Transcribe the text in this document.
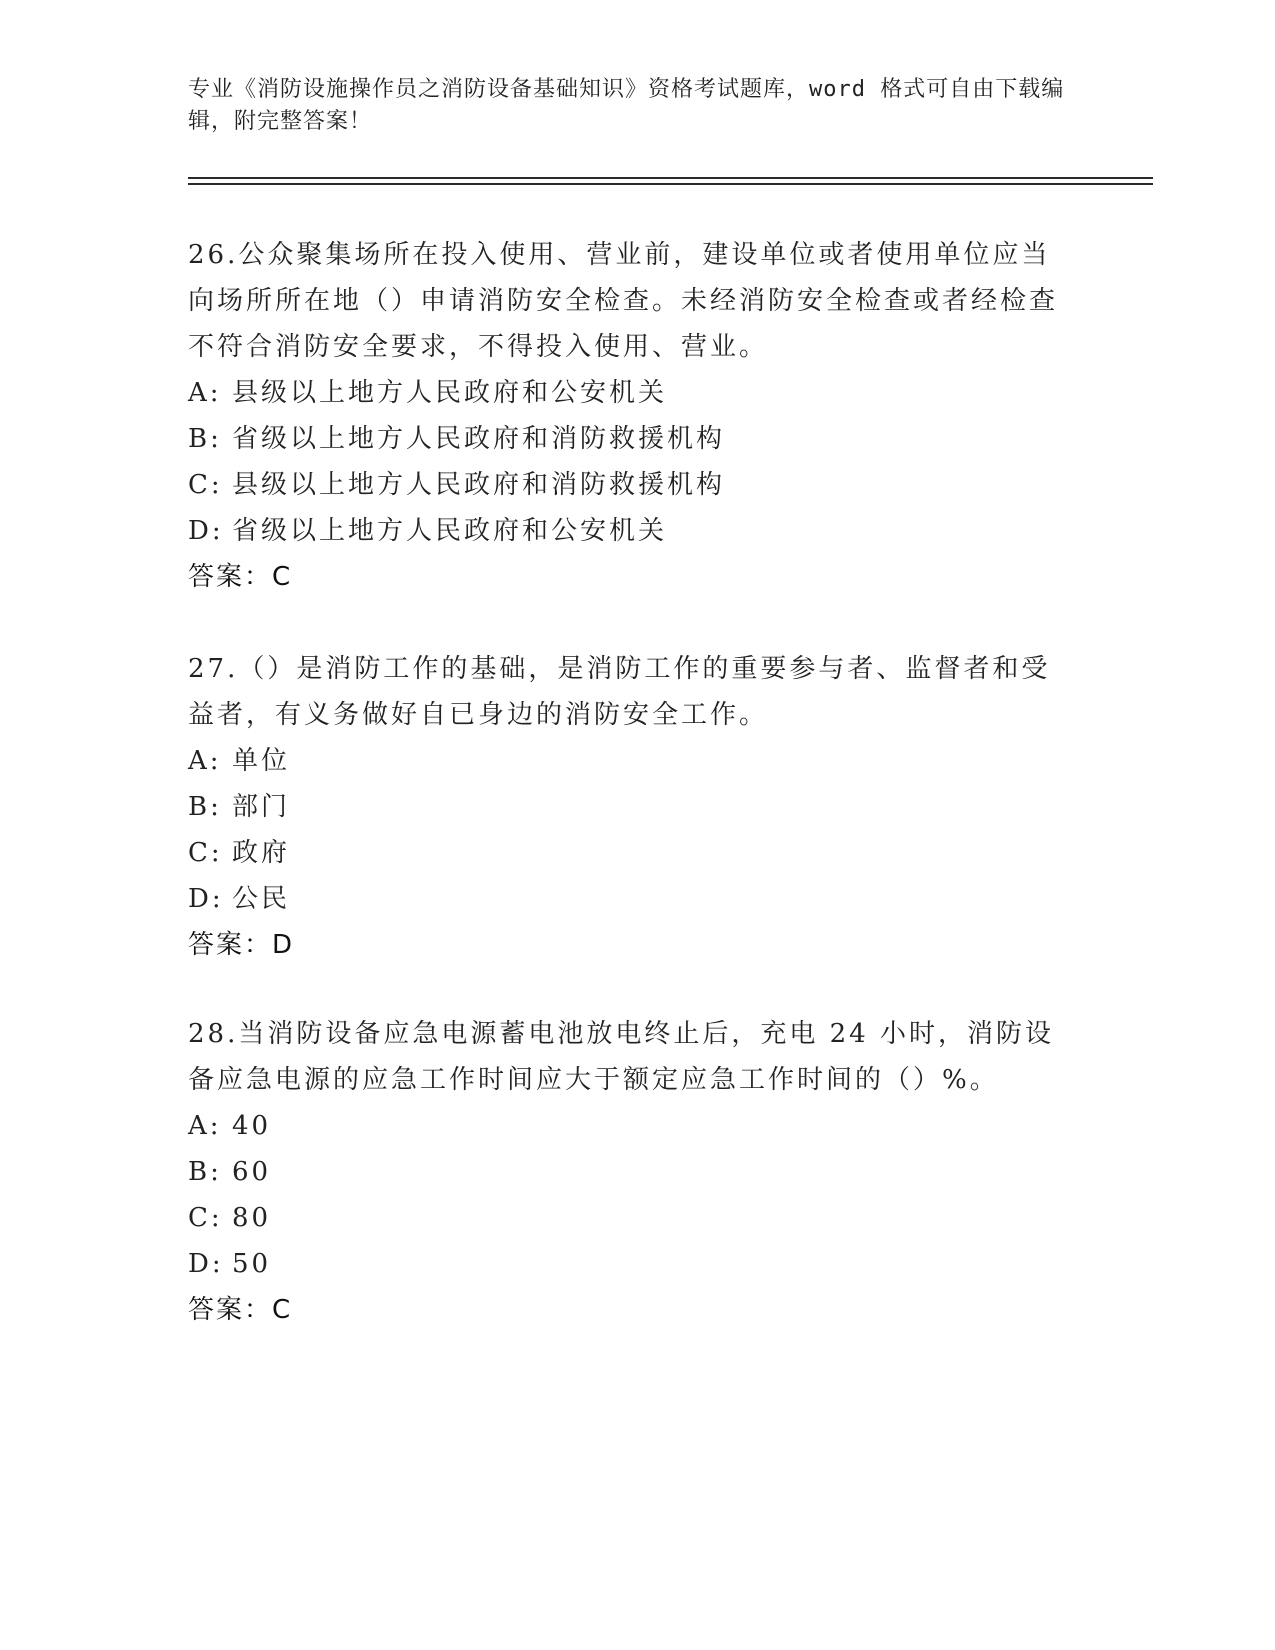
专业《消防设施操作员之消防设备基础知识》资格考试题库，word 格式可自由下载编辑，附完整答案！

26.公众聚集场所在投入使用、营业前，建设单位或者使用单位应当向场所所在地（）申请消防安全检查。未经消防安全检查或者经检查不符合消防安全要求，不得投入使用、营业。

A: 县级以上地方人民政府和公安机关

B: 省级以上地方人民政府和消防救援机构

C: 县级以上地方人民政府和消防救援机构

D: 省级以上地方人民政府和公安机关

答案：C

27.（）是消防工作的基础，是消防工作的重要参与者、监督者和受益者，有义务做好自已身边的消防安全工作。

A: 单位

B: 部门

C: 政府

D: 公民

答案：D

28.当消防设备应急电源蓄电池放电终止后，充电 24 小时，消防设备应急电源的应急工作时间应大于额定应急工作时间的（）%。

A: 40

B: 60

C: 80

D: 50

答案：C
